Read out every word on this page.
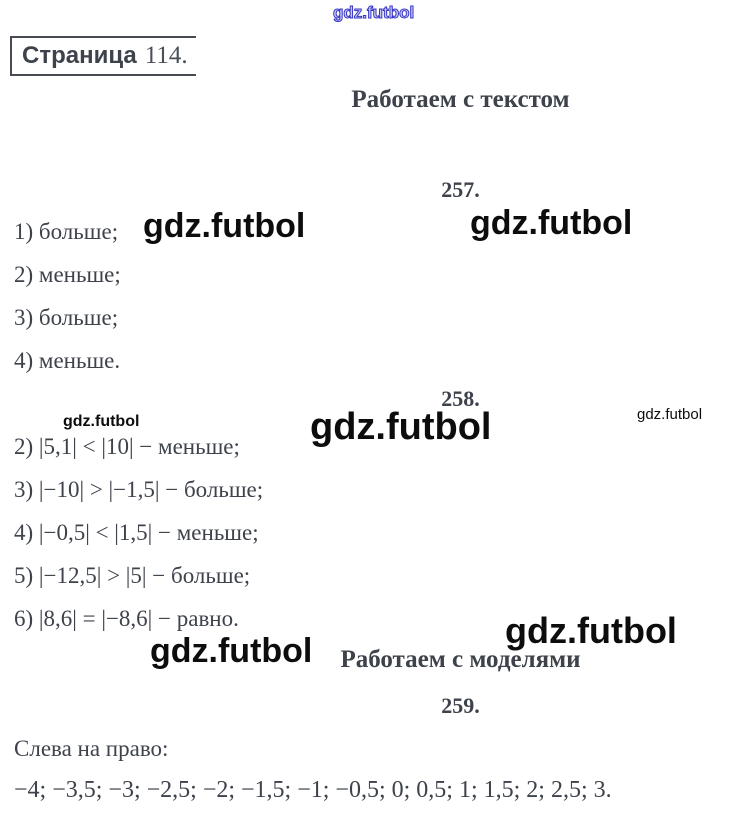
gdz.futbol
gdz.futbol	gdz.futbol
gdz.futbol	gdz.futbol	gdz.futbol
gdz.futbol	gdz.futbol
Страница 114.
Работаем с текстом
257.
1) больше;
2) меньше;
3) больше;
4) меньше.
258.
2) |5,1| < |10| − меньше;
3) |−10| > |−1,5| − больше;
4) |−0,5| < |1,5| − меньше;
5) |−12,5| > |5| − больше;
6) |8,6| = |−8,6| − равно.
Работаем с моделями
259.
Слева на право:
−4; −3,5; −3; −2,5; −2; −1,5; −1; −0,5; 0; 0,5; 1; 1,5; 2; 2,5; 3.
